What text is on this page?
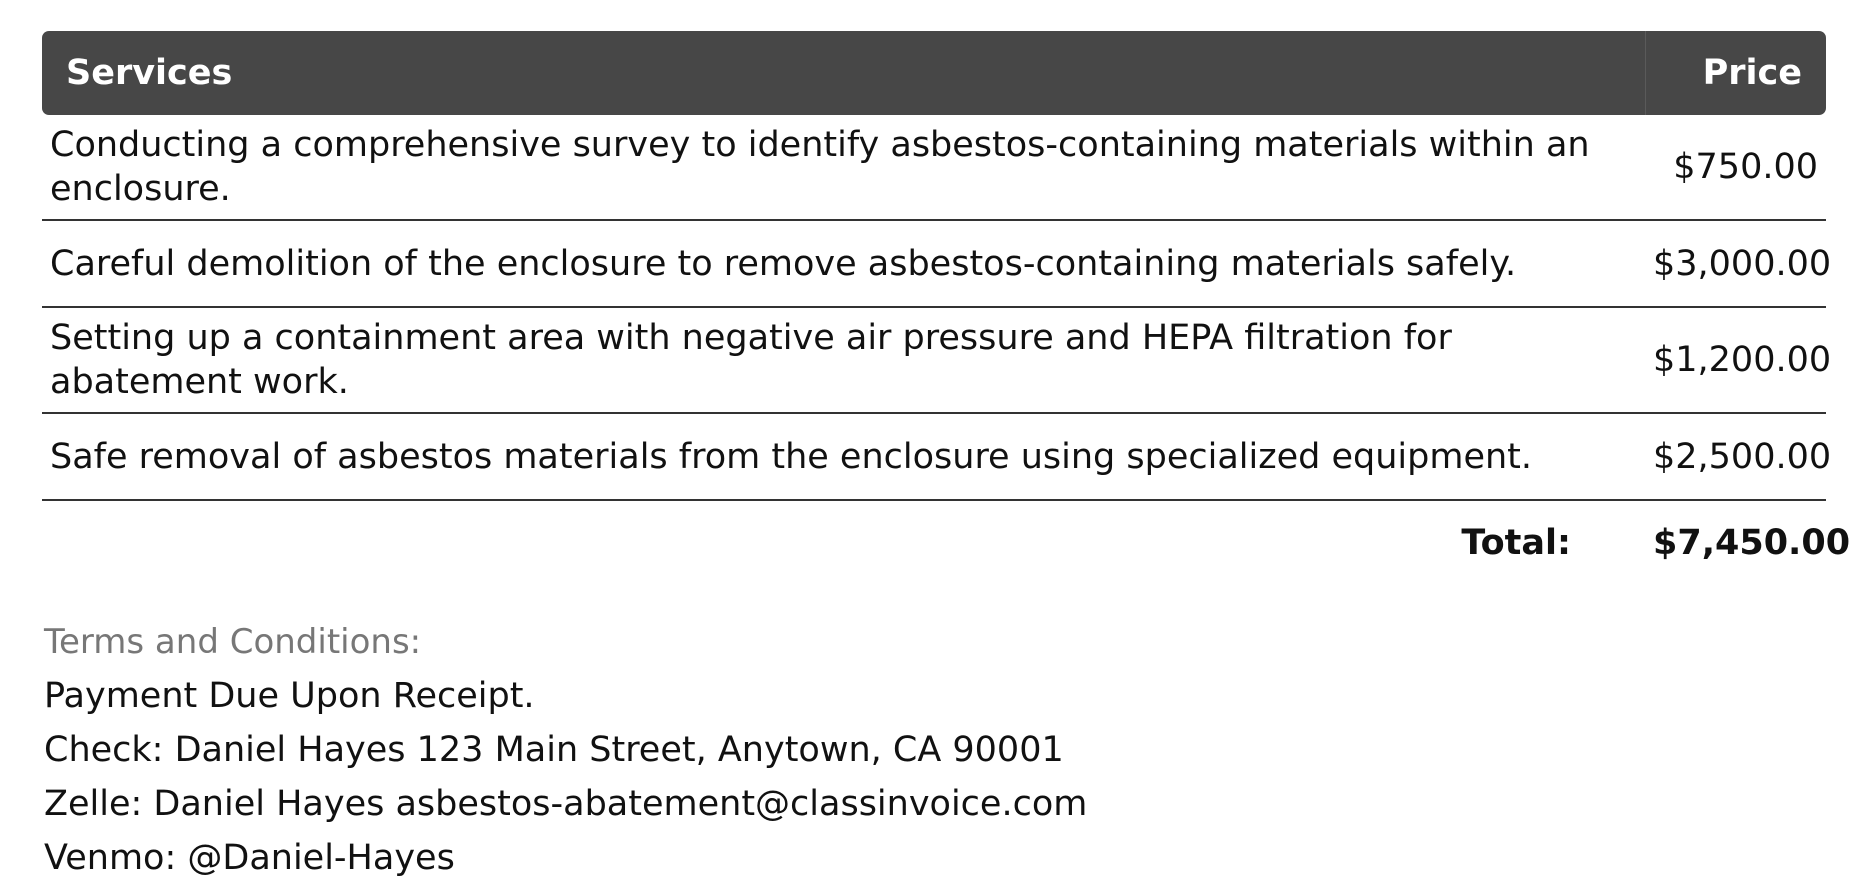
Services	Price
Conducting a comprehensive survey to identify asbestos-containing materials within an enclosure.	$750.00
Careful demolition of the enclosure to remove asbestos-containing materials safely.	$3,000.00
Setting up a containment area with negative air pressure and HEPA filtration for abatement work.	$1,200.00
Safe removal of asbestos materials from the enclosure using specialized equipment.	$2,500.00
Total:	$7,450.00
Terms and Conditions:
Payment Due Upon Receipt.
Check: Daniel Hayes 123 Main Street, Anytown, CA 90001
Zelle: Daniel Hayes asbestos-abatement@classinvoice.com
Venmo: @Daniel-Hayes
